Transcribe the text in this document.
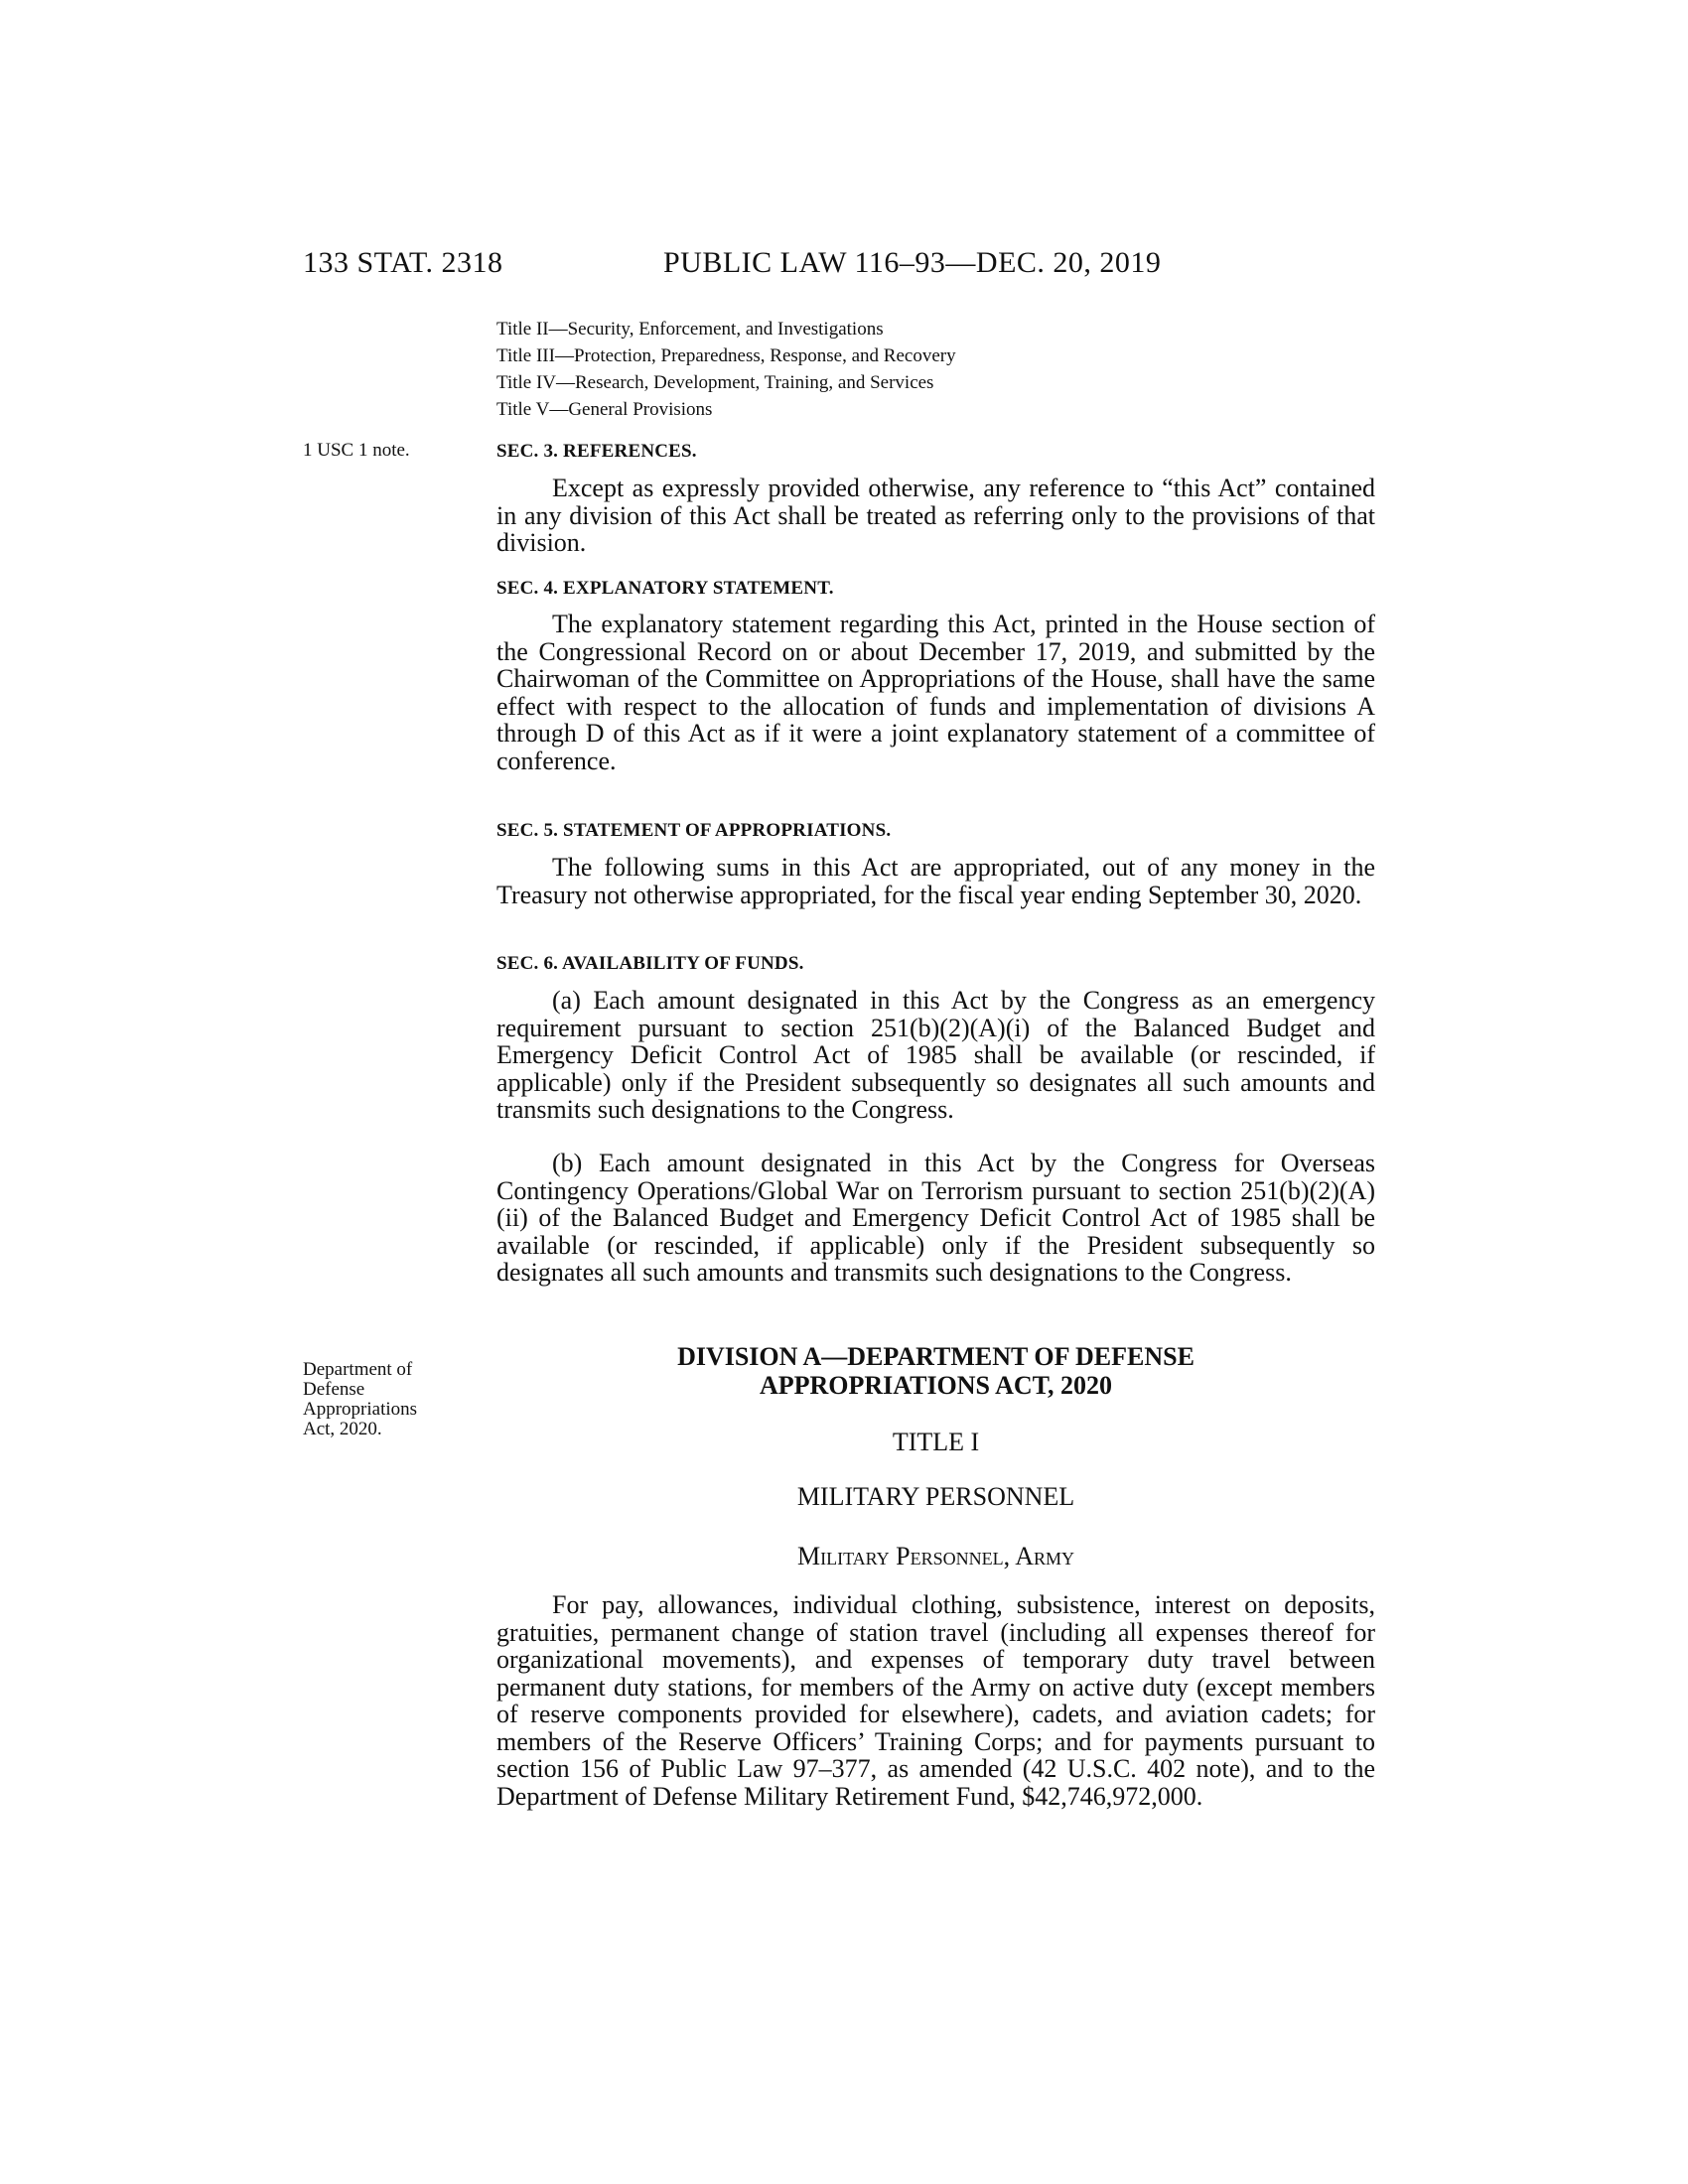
133 STAT. 2318	PUBLIC LAW 116–93—DEC. 20, 2019
Title II—Security, Enforcement, and Investigations
Title III—Protection, Preparedness, Response, and Recovery
Title IV—Research, Development, Training, and Services
Title V—General Provisions
1 USC 1 note.	SEC. 3. REFERENCES.

Except as expressly provided otherwise, any reference to “this Act” contained in any division of this Act shall be treated as referring only to the provisions of that division.

SEC. 4. EXPLANATORY STATEMENT.

The explanatory statement regarding this Act, printed in the House section of the Congressional Record on or about December 17, 2019, and submitted by the Chairwoman of the Committee on Appropriations of the House, shall have the same effect with respect to the allocation of funds and implementation of divisions A through D of this Act as if it were a joint explanatory statement of a committee of conference.

SEC. 5. STATEMENT OF APPROPRIATIONS.

The following sums in this Act are appropriated, out of any money in the Treasury not otherwise appropriated, for the fiscal year ending September 30, 2020.

SEC. 6. AVAILABILITY OF FUNDS.

(a) Each amount designated in this Act by the Congress as an emergency requirement pursuant to section 251(b)(2)(A)(i) of the Balanced Budget and Emergency Deficit Control Act of 1985 shall be available (or rescinded, if applicable) only if the President subsequently so designates all such amounts and transmits such designations to the Congress.

(b) Each amount designated in this Act by the Congress for Overseas Contingency Operations/Global War on Terrorism pursuant to section 251(b)(2)(A)(ii) of the Balanced Budget and Emergency Deficit Control Act of 1985 shall be available (or rescinded, if applicable) only if the President subsequently so designates all such amounts and transmits such designations to the Congress.

Department of
Defense
Appropriations
Act, 2020.
DIVISION A—DEPARTMENT OF DEFENSE
APPROPRIATIONS ACT, 2020
TITLE I
MILITARY PERSONNEL
Military Personnel, Army

For pay, allowances, individual clothing, subsistence, interest on deposits, gratuities, permanent change of station travel (including all expenses thereof for organizational movements), and expenses of temporary duty travel between permanent duty stations, for members of the Army on active duty (except members of reserve components provided for elsewhere), cadets, and aviation cadets; for members of the Reserve Officers’ Training Corps; and for payments pursuant to section 156 of Public Law 97–377, as amended (42 U.S.C. 402 note), and to the Department of Defense Military Retirement Fund, $42,746,972,000.
